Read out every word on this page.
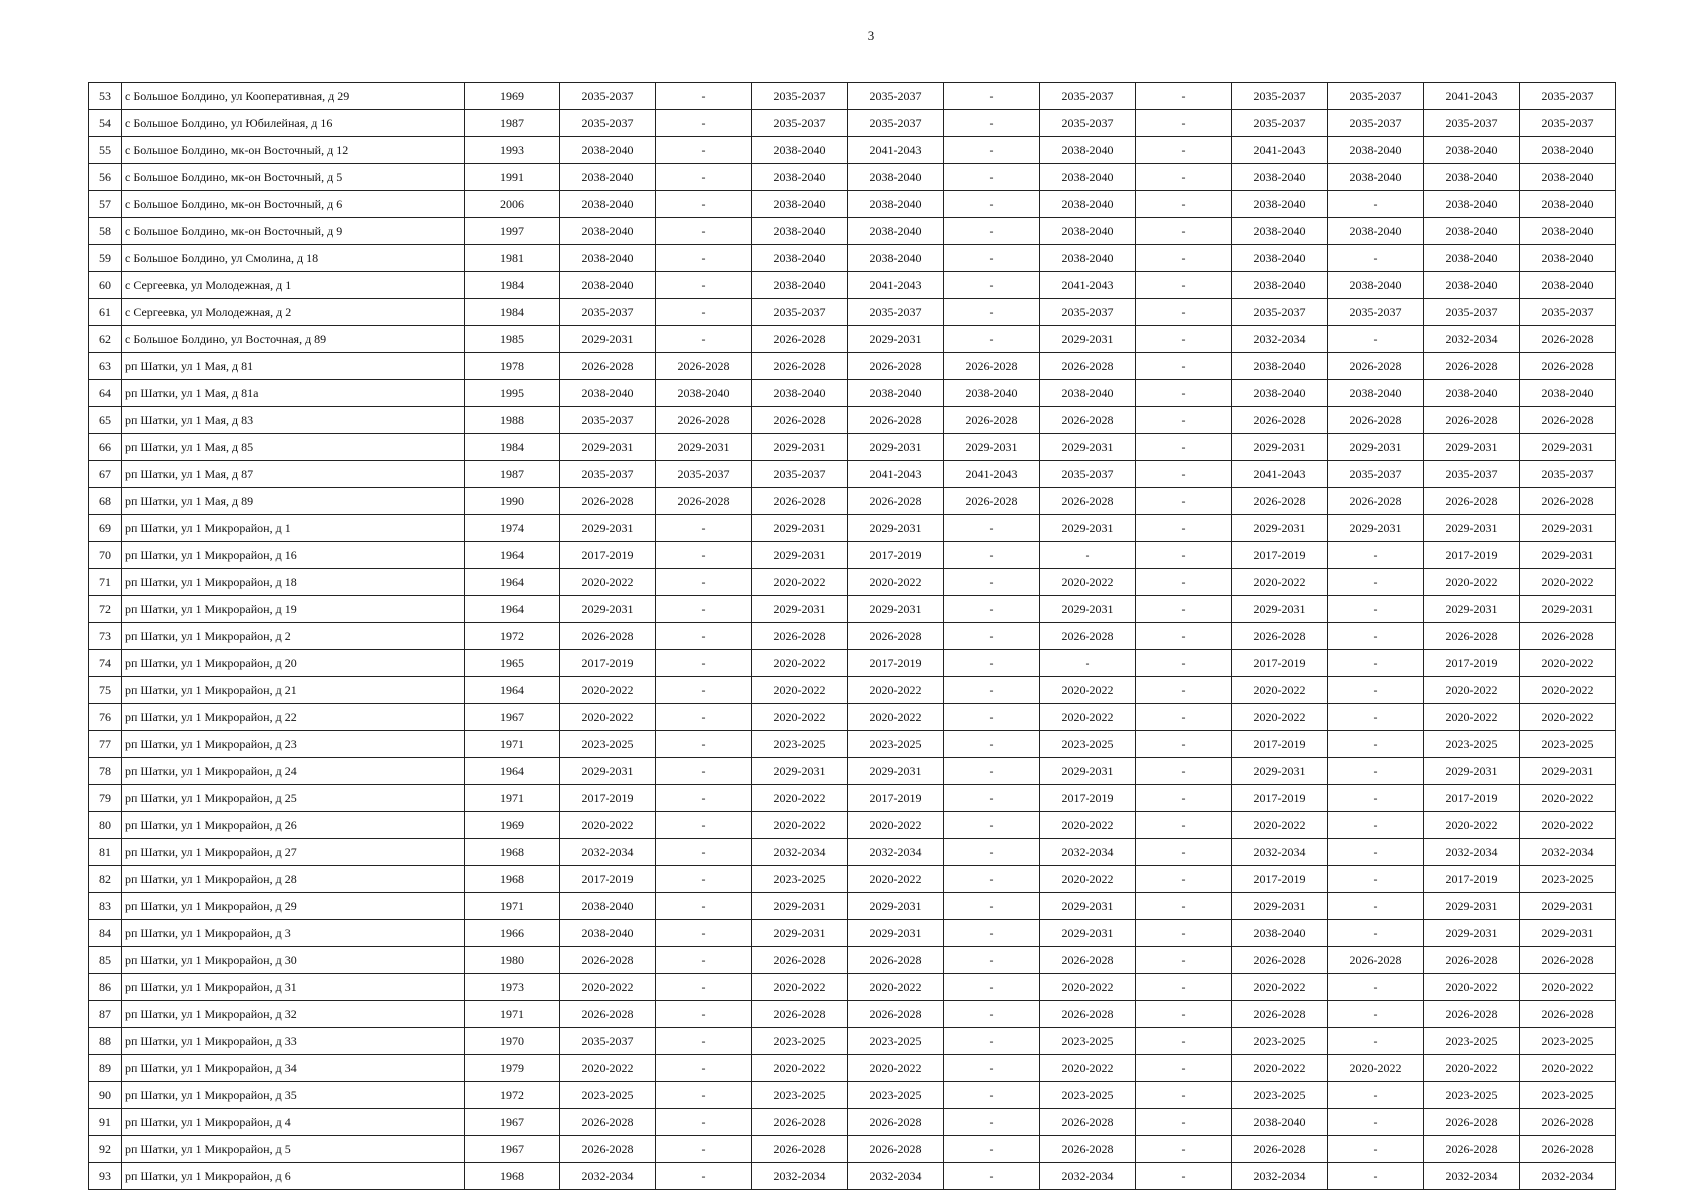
3
53	с Большое Болдино, ул Кооперативная, д 29	1969	2035-2037	-	2035-2037	2035-2037	-	2035-2037	-	2035-2037	2035-2037	2041-2043	2035-2037
54	с Большое Болдино, ул Юбилейная, д 16	1987	2035-2037	-	2035-2037	2035-2037	-	2035-2037	-	2035-2037	2035-2037	2035-2037	2035-2037
55	с Большое Болдино, мк-он Восточный, д 12	1993	2038-2040	-	2038-2040	2041-2043	-	2038-2040	-	2041-2043	2038-2040	2038-2040	2038-2040
56	с Большое Болдино, мк-он Восточный, д 5	1991	2038-2040	-	2038-2040	2038-2040	-	2038-2040	-	2038-2040	2038-2040	2038-2040	2038-2040
57	с Большое Болдино, мк-он Восточный, д 6	2006	2038-2040	-	2038-2040	2038-2040	-	2038-2040	-	2038-2040	-	2038-2040	2038-2040
58	с Большое Болдино, мк-он Восточный, д 9	1997	2038-2040	-	2038-2040	2038-2040	-	2038-2040	-	2038-2040	2038-2040	2038-2040	2038-2040
59	с Большое Болдино, ул Смолина, д 18	1981	2038-2040	-	2038-2040	2038-2040	-	2038-2040	-	2038-2040	-	2038-2040	2038-2040
60	с Сергеевка, ул Молодежная, д 1	1984	2038-2040	-	2038-2040	2041-2043	-	2041-2043	-	2038-2040	2038-2040	2038-2040	2038-2040
61	с Сергеевка, ул Молодежная, д 2	1984	2035-2037	-	2035-2037	2035-2037	-	2035-2037	-	2035-2037	2035-2037	2035-2037	2035-2037
62	с Большое Болдино, ул Восточная, д 89	1985	2029-2031	-	2026-2028	2029-2031	-	2029-2031	-	2032-2034	-	2032-2034	2026-2028
63	рп Шатки, ул 1 Мая, д 81	1978	2026-2028	2026-2028	2026-2028	2026-2028	2026-2028	2026-2028	-	2038-2040	2026-2028	2026-2028	2026-2028
64	рп Шатки, ул 1 Мая, д 81а	1995	2038-2040	2038-2040	2038-2040	2038-2040	2038-2040	2038-2040	-	2038-2040	2038-2040	2038-2040	2038-2040
65	рп Шатки, ул 1 Мая, д 83	1988	2035-2037	2026-2028	2026-2028	2026-2028	2026-2028	2026-2028	-	2026-2028	2026-2028	2026-2028	2026-2028
66	рп Шатки, ул 1 Мая, д 85	1984	2029-2031	2029-2031	2029-2031	2029-2031	2029-2031	2029-2031	-	2029-2031	2029-2031	2029-2031	2029-2031
67	рп Шатки, ул 1 Мая, д 87	1987	2035-2037	2035-2037	2035-2037	2041-2043	2041-2043	2035-2037	-	2041-2043	2035-2037	2035-2037	2035-2037
68	рп Шатки, ул 1 Мая, д 89	1990	2026-2028	2026-2028	2026-2028	2026-2028	2026-2028	2026-2028	-	2026-2028	2026-2028	2026-2028	2026-2028
69	рп Шатки, ул 1 Микрорайон, д 1	1974	2029-2031	-	2029-2031	2029-2031	-	2029-2031	-	2029-2031	2029-2031	2029-2031	2029-2031
70	рп Шатки, ул 1 Микрорайон, д 16	1964	2017-2019	-	2029-2031	2017-2019	-	-	-	2017-2019	-	2017-2019	2029-2031
71	рп Шатки, ул 1 Микрорайон, д 18	1964	2020-2022	-	2020-2022	2020-2022	-	2020-2022	-	2020-2022	-	2020-2022	2020-2022
72	рп Шатки, ул 1 Микрорайон, д 19	1964	2029-2031	-	2029-2031	2029-2031	-	2029-2031	-	2029-2031	-	2029-2031	2029-2031
73	рп Шатки, ул 1 Микрорайон, д 2	1972	2026-2028	-	2026-2028	2026-2028	-	2026-2028	-	2026-2028	-	2026-2028	2026-2028
74	рп Шатки, ул 1 Микрорайон, д 20	1965	2017-2019	-	2020-2022	2017-2019	-	-	-	2017-2019	-	2017-2019	2020-2022
75	рп Шатки, ул 1 Микрорайон, д 21	1964	2020-2022	-	2020-2022	2020-2022	-	2020-2022	-	2020-2022	-	2020-2022	2020-2022
76	рп Шатки, ул 1 Микрорайон, д 22	1967	2020-2022	-	2020-2022	2020-2022	-	2020-2022	-	2020-2022	-	2020-2022	2020-2022
77	рп Шатки, ул 1 Микрорайон, д 23	1971	2023-2025	-	2023-2025	2023-2025	-	2023-2025	-	2017-2019	-	2023-2025	2023-2025
78	рп Шатки, ул 1 Микрорайон, д 24	1964	2029-2031	-	2029-2031	2029-2031	-	2029-2031	-	2029-2031	-	2029-2031	2029-2031
79	рп Шатки, ул 1 Микрорайон, д 25	1971	2017-2019	-	2020-2022	2017-2019	-	2017-2019	-	2017-2019	-	2017-2019	2020-2022
80	рп Шатки, ул 1 Микрорайон, д 26	1969	2020-2022	-	2020-2022	2020-2022	-	2020-2022	-	2020-2022	-	2020-2022	2020-2022
81	рп Шатки, ул 1 Микрорайон, д 27	1968	2032-2034	-	2032-2034	2032-2034	-	2032-2034	-	2032-2034	-	2032-2034	2032-2034
82	рп Шатки, ул 1 Микрорайон, д 28	1968	2017-2019	-	2023-2025	2020-2022	-	2020-2022	-	2017-2019	-	2017-2019	2023-2025
83	рп Шатки, ул 1 Микрорайон, д 29	1971	2038-2040	-	2029-2031	2029-2031	-	2029-2031	-	2029-2031	-	2029-2031	2029-2031
84	рп Шатки, ул 1 Микрорайон, д 3	1966	2038-2040	-	2029-2031	2029-2031	-	2029-2031	-	2038-2040	-	2029-2031	2029-2031
85	рп Шатки, ул 1 Микрорайон, д 30	1980	2026-2028	-	2026-2028	2026-2028	-	2026-2028	-	2026-2028	2026-2028	2026-2028	2026-2028
86	рп Шатки, ул 1 Микрорайон, д 31	1973	2020-2022	-	2020-2022	2020-2022	-	2020-2022	-	2020-2022	-	2020-2022	2020-2022
87	рп Шатки, ул 1 Микрорайон, д 32	1971	2026-2028	-	2026-2028	2026-2028	-	2026-2028	-	2026-2028	-	2026-2028	2026-2028
88	рп Шатки, ул 1 Микрорайон, д 33	1970	2035-2037	-	2023-2025	2023-2025	-	2023-2025	-	2023-2025	-	2023-2025	2023-2025
89	рп Шатки, ул 1 Микрорайон, д 34	1979	2020-2022	-	2020-2022	2020-2022	-	2020-2022	-	2020-2022	2020-2022	2020-2022	2020-2022
90	рп Шатки, ул 1 Микрорайон, д 35	1972	2023-2025	-	2023-2025	2023-2025	-	2023-2025	-	2023-2025	-	2023-2025	2023-2025
91	рп Шатки, ул 1 Микрорайон, д 4	1967	2026-2028	-	2026-2028	2026-2028	-	2026-2028	-	2038-2040	-	2026-2028	2026-2028
92	рп Шатки, ул 1 Микрорайон, д 5	1967	2026-2028	-	2026-2028	2026-2028	-	2026-2028	-	2026-2028	-	2026-2028	2026-2028
93	рп Шатки, ул 1 Микрорайон, д 6	1968	2032-2034	-	2032-2034	2032-2034	-	2032-2034	-	2032-2034	-	2032-2034	2032-2034
